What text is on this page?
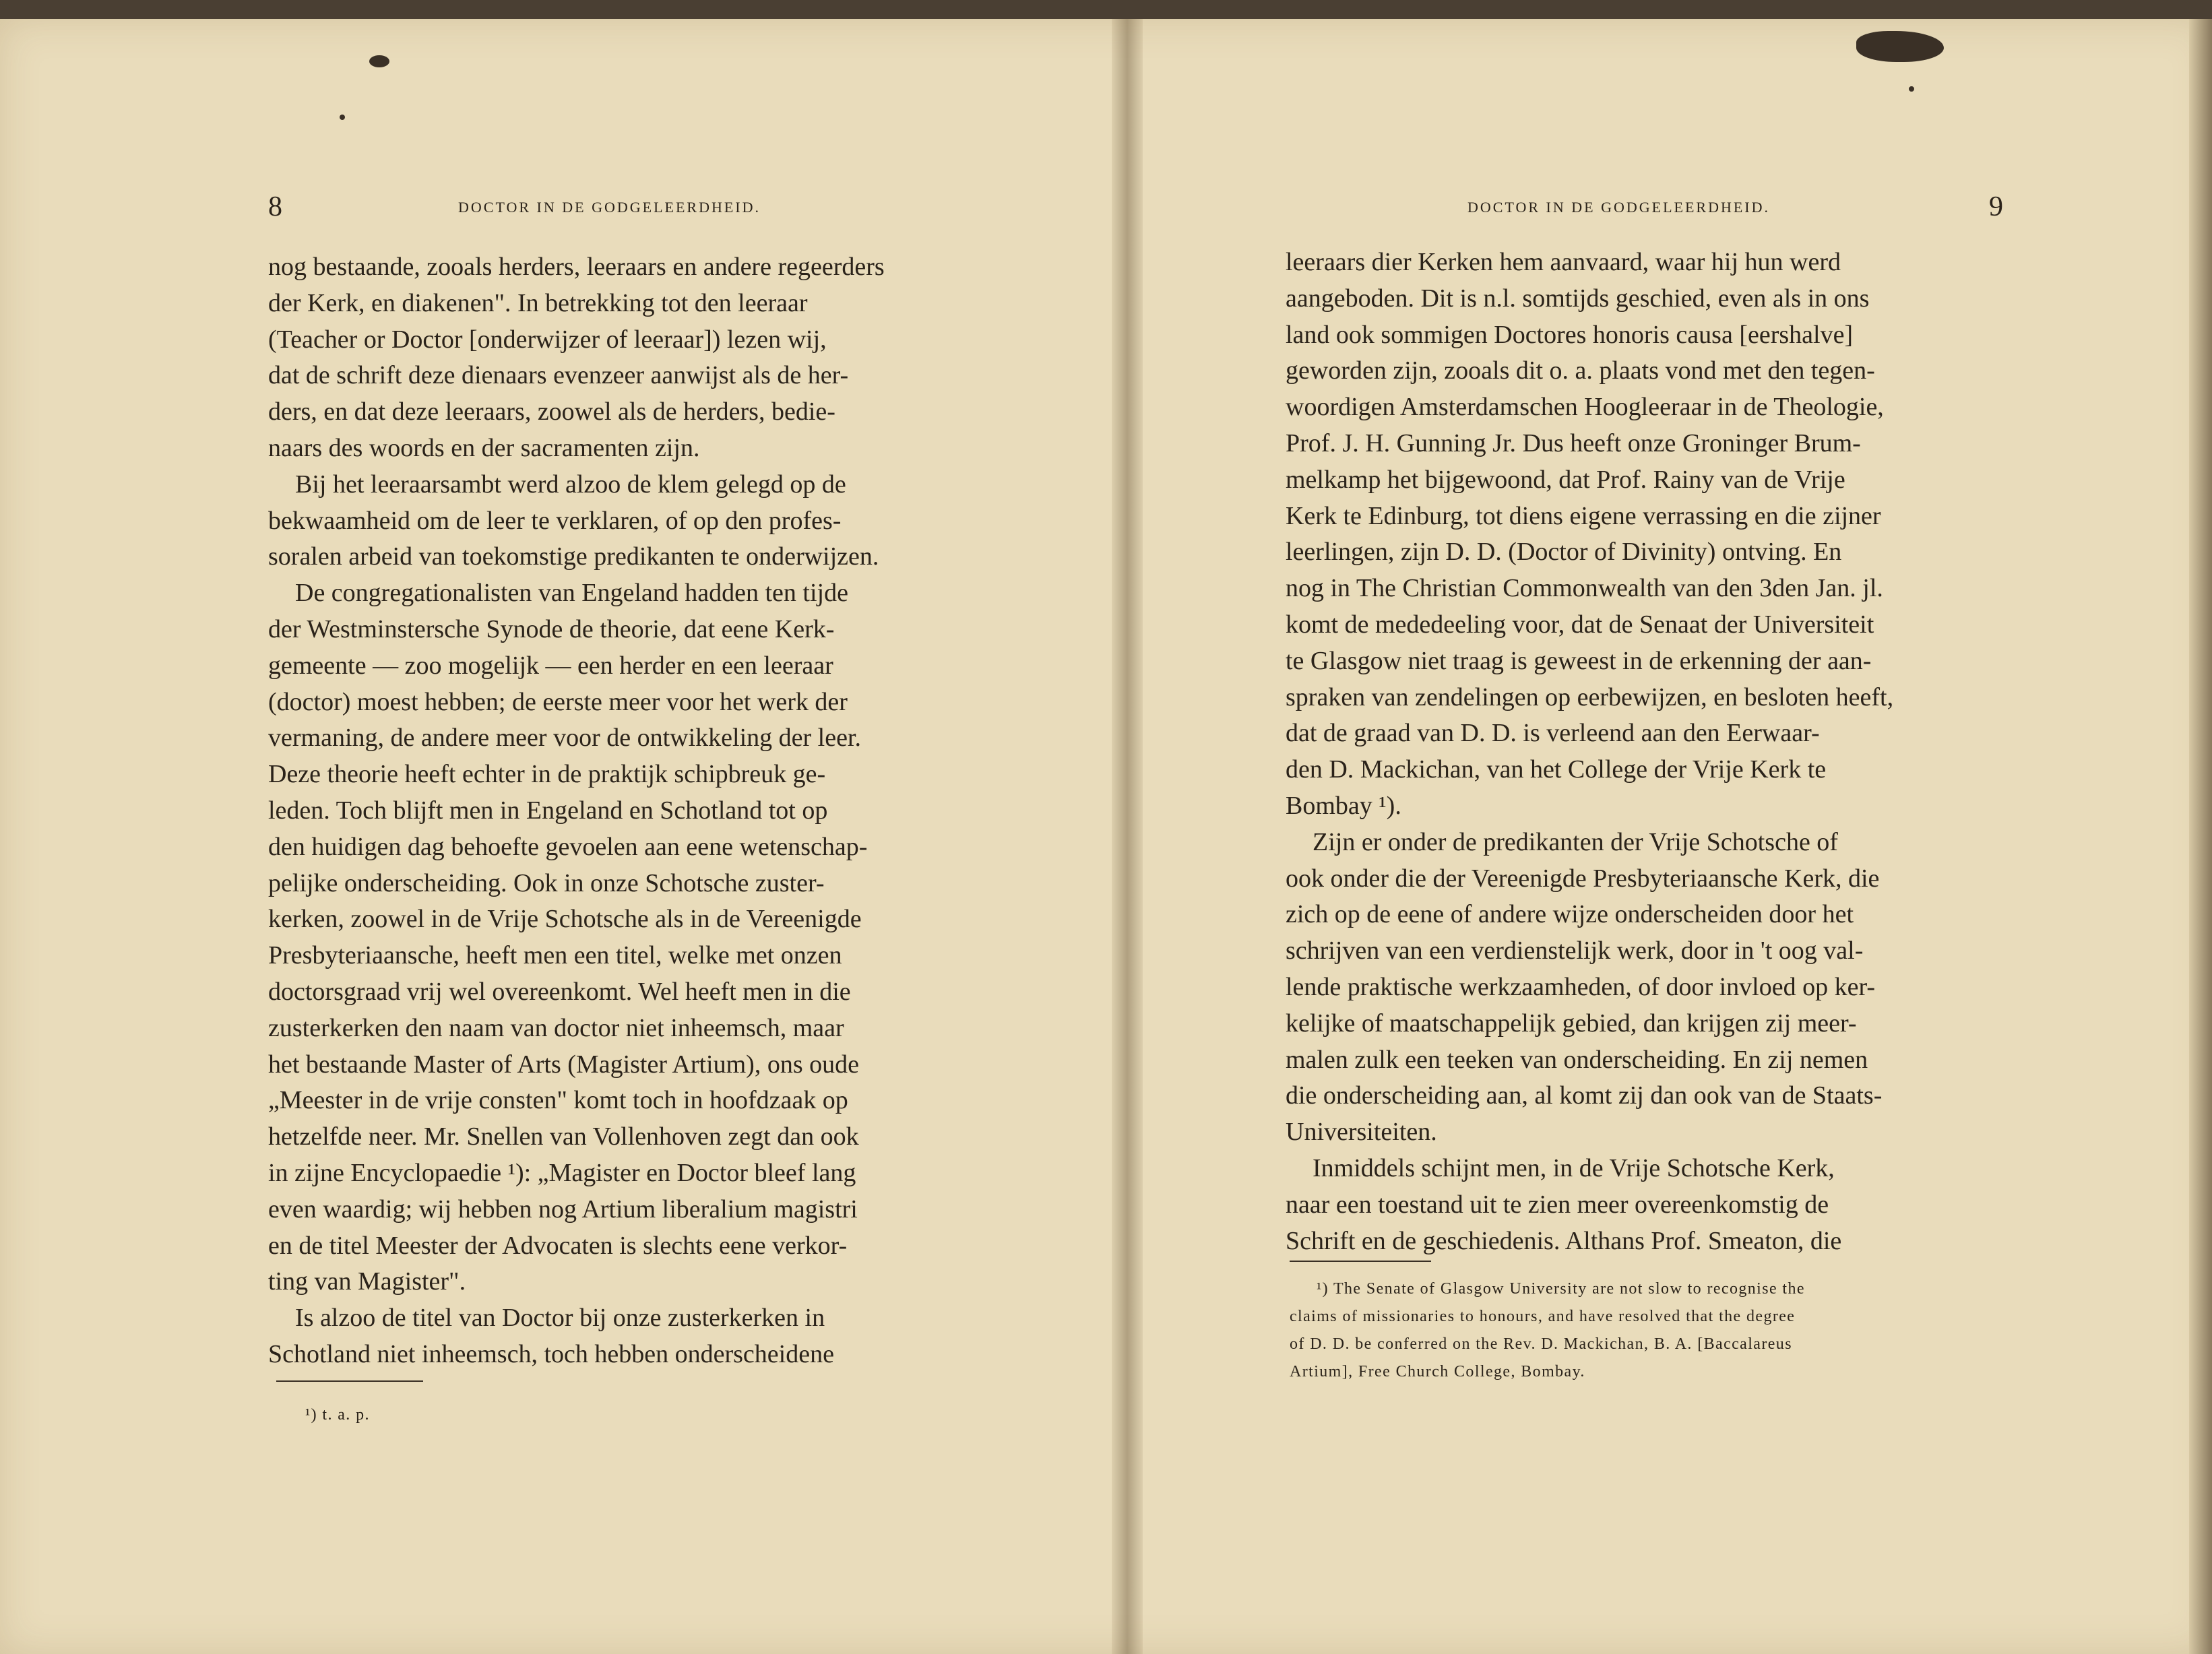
8	DOCTOR IN DE GODGELEERDHEID.

nog bestaande, zooals herders, leeraars en andere regeerders

der Kerk, en diakenen". In betrekking tot den leeraar

(Teacher or Doctor [onderwijzer of leeraar]) lezen wij,

dat de schrift deze dienaars evenzeer aanwijst als de her-

ders, en dat deze leeraars, zoowel als de herders, bedie-

naars des woords en der sacramenten zijn.

Bij het leeraarsambt werd alzoo de klem gelegd op de

bekwaamheid om de leer te verklaren, of op den profes-

soralen arbeid van toekomstige predikanten te onderwijzen.

De congregationalisten van Engeland hadden ten tijde

der Westminstersche Synode de theorie, dat eene Kerk-

gemeente — zoo mogelijk — een herder en een leeraar

(doctor) moest hebben; de eerste meer voor het werk der

vermaning, de andere meer voor de ontwikkeling der leer.

Deze theorie heeft echter in de praktijk schipbreuk ge-

leden. Toch blijft men in Engeland en Schotland tot op

den huidigen dag behoefte gevoelen aan eene wetenschap-

pelijke onderscheiding. Ook in onze Schotsche zuster-

kerken, zoowel in de Vrije Schotsche als in de Vereenigde

Presbyteriaansche, heeft men een titel, welke met onzen

doctorsgraad vrij wel overeenkomt. Wel heeft men in die

zusterkerken den naam van doctor niet inheemsch, maar

het bestaande Master of Arts (Magister Artium), ons oude

„Meester in de vrije consten" komt toch in hoofdzaak op

hetzelfde neer. Mr. Snellen van Vollenhoven zegt dan ook

in zijne Encyclopaedie ¹): „Magister en Doctor bleef lang

even waardig; wij hebben nog Artium liberalium magistri

en de titel Meester der Advocaten is slechts eene verkor-

ting van Magister".

Is alzoo de titel van Doctor bij onze zusterkerken in

Schotland niet inheemsch, toch hebben onderscheidene

¹) t. a. p.

DOCTOR IN DE GODGELEERDHEID.	9

leeraars dier Kerken hem aanvaard, waar hij hun werd

aangeboden. Dit is n.l. somtijds geschied, even als in ons

land ook sommigen Doctores honoris causa [eershalve]

geworden zijn, zooals dit o. a. plaats vond met den tegen-

woordigen Amsterdamschen Hoogleeraar in de Theologie,

Prof. J. H. Gunning Jr. Dus heeft onze Groninger Brum-

melkamp het bijgewoond, dat Prof. Rainy van de Vrije

Kerk te Edinburg, tot diens eigene verrassing en die zijner

leerlingen, zijn D. D. (Doctor of Divinity) ontving. En

nog in The Christian Commonwealth van den 3den Jan. jl.

komt de mededeeling voor, dat de Senaat der Universiteit

te Glasgow niet traag is geweest in de erkenning der aan-

spraken van zendelingen op eerbewijzen, en besloten heeft,

dat de graad van D. D. is verleend aan den Eerwaar-

den D. Mackichan, van het College der Vrije Kerk te

Bombay ¹).

Zijn er onder de predikanten der Vrije Schotsche of

ook onder die der Vereenigde Presbyteriaansche Kerk, die

zich op de eene of andere wijze onderscheiden door het

schrijven van een verdienstelijk werk, door in 't oog val-

lende praktische werkzaamheden, of door invloed op ker-

kelijke of maatschappelijk gebied, dan krijgen zij meer-

malen zulk een teeken van onderscheiding. En zij nemen

die onderscheiding aan, al komt zij dan ook van de Staats-

Universiteiten.

Inmiddels schijnt men, in de Vrije Schotsche Kerk,

naar een toestand uit te zien meer overeenkomstig de

Schrift en de geschiedenis. Althans Prof. Smeaton, die

¹) The Senate of Glasgow University are not slow to recognise the

claims of missionaries to honours, and have resolved that the degree

of D. D. be conferred on the Rev. D. Mackichan, B. A. [Baccalareus

Artium], Free Church College, Bombay.
